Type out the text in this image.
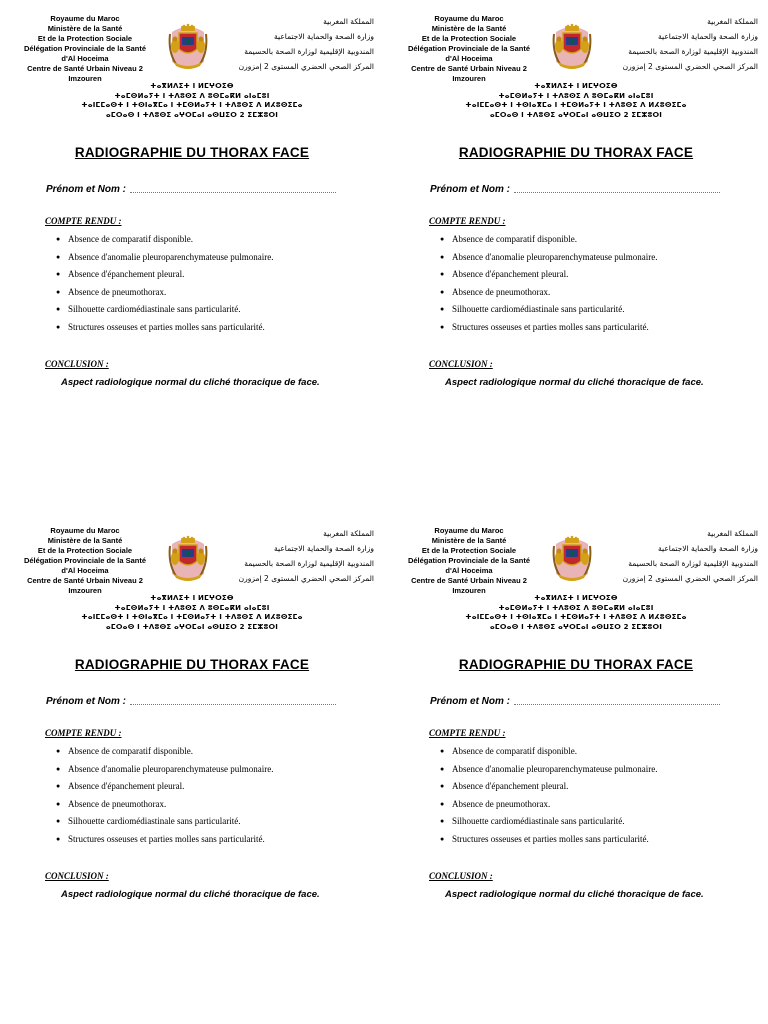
Royaume du Maroc
Ministère de la Santé
Et de la Protection Sociale
Délégation Provinciale de la Santé
d'Al Hoceima
Centre de Santé Urbain Niveau 2
Imzouren
المملكة المغربية
وزارة الصحة والحماية الاجتماعية
المندوبية الإقليمية لوزارة الصحة بالحسيمة
المركز الصحي الحضري المستوى 2 إمزورن
ⵜⴰⴳⵍⴷⵉⵜ ⵏ ⵍⵎⵖⵔⵉⴱ
ⵜⴰⵎⵙⵍⴰⵢⵜ ⵏ ⵜⴷⵓⵙⵉ ⴷ ⵓⵙⵎⴰⴽⵍ ⴰⵏⴰⵎⵓⵏ
ⵜⴰⵏⵎⵎⴰⵙⵜ ⵏ ⵜⵙⵏⴰⴳⵎⴰ ⵏ ⵜⵎⵙⵍⴰⵢⵜ ⵏ ⵜⴷⵓⵙⵉ ⴷ ⵍⵃⵓⵙⵉⵎⴰ
ⴰⵎⵔⴰⵙ ⵏ ⵜⴷⵓⵙⵉ ⴰⵖⵔⵎⴰⵏ ⴰⵙⵡⵉⵔ 2 ⵉⵎⵣⵓⵔⵏ
RADIOGRAPHIE DU THORAX FACE
Prénom et Nom :
COMPTE RENDU :
● Absence de comparatif disponible.
● Absence d'anomalie pleuroparenchymateuse pulmonaire.
● Absence d'épanchement pleural.
● Absence de pneumothorax.
● Silhouette cardiomédiastinale sans particularité.
● Structures osseuses et parties molles sans particularité.
CONCLUSION :
Aspect radiologique normal du cliché thoracique de face.
Royaume du Maroc
Ministère de la Santé
Et de la Protection Sociale
Délégation Provinciale de la Santé
d'Al Hoceima
Centre de Santé Urbain Niveau 2
Imzouren
المملكة المغربية
وزارة الصحة والحماية الاجتماعية
المندوبية الإقليمية لوزارة الصحة بالحسيمة
المركز الصحي الحضري المستوى 2 إمزورن
ⵜⴰⴳⵍⴷⵉⵜ ⵏ ⵍⵎⵖⵔⵉⴱ
ⵜⴰⵎⵙⵍⴰⵢⵜ ⵏ ⵜⴷⵓⵙⵉ ⴷ ⵓⵙⵎⴰⴽⵍ ⴰⵏⴰⵎⵓⵏ
ⵜⴰⵏⵎⵎⴰⵙⵜ ⵏ ⵜⵙⵏⴰⴳⵎⴰ ⵏ ⵜⵎⵙⵍⴰⵢⵜ ⵏ ⵜⴷⵓⵙⵉ ⴷ ⵍⵃⵓⵙⵉⵎⴰ
ⴰⵎⵔⴰⵙ ⵏ ⵜⴷⵓⵙⵉ ⴰⵖⵔⵎⴰⵏ ⴰⵙⵡⵉⵔ 2 ⵉⵎⵣⵓⵔⵏ
RADIOGRAPHIE DU THORAX FACE
Prénom et Nom :
COMPTE RENDU :
● Absence de comparatif disponible.
● Absence d'anomalie pleuroparenchymateuse pulmonaire.
● Absence d'épanchement pleural.
● Absence de pneumothorax.
● Silhouette cardiomédiastinale sans particularité.
● Structures osseuses et parties molles sans particularité.
CONCLUSION :
Aspect radiologique normal du cliché thoracique de face.
Royaume du Maroc
Ministère de la Santé
Et de la Protection Sociale
Délégation Provinciale de la Santé
d'Al Hoceima
Centre de Santé Urbain Niveau 2
Imzouren
المملكة المغربية
وزارة الصحة والحماية الاجتماعية
المندوبية الإقليمية لوزارة الصحة بالحسيمة
المركز الصحي الحضري المستوى 2 إمزورن
ⵜⴰⴳⵍⴷⵉⵜ ⵏ ⵍⵎⵖⵔⵉⴱ
ⵜⴰⵎⵙⵍⴰⵢⵜ ⵏ ⵜⴷⵓⵙⵉ ⴷ ⵓⵙⵎⴰⴽⵍ ⴰⵏⴰⵎⵓⵏ
ⵜⴰⵏⵎⵎⴰⵙⵜ ⵏ ⵜⵙⵏⴰⴳⵎⴰ ⵏ ⵜⵎⵙⵍⴰⵢⵜ ⵏ ⵜⴷⵓⵙⵉ ⴷ ⵍⵃⵓⵙⵉⵎⴰ
ⴰⵎⵔⴰⵙ ⵏ ⵜⴷⵓⵙⵉ ⴰⵖⵔⵎⴰⵏ ⴰⵙⵡⵉⵔ 2 ⵉⵎⵣⵓⵔⵏ
RADIOGRAPHIE DU THORAX FACE
Prénom et Nom :
COMPTE RENDU :
● Absence de comparatif disponible.
● Absence d'anomalie pleuroparenchymateuse pulmonaire.
● Absence d'épanchement pleural.
● Absence de pneumothorax.
● Silhouette cardiomédiastinale sans particularité.
● Structures osseuses et parties molles sans particularité.
CONCLUSION :
Aspect radiologique normal du cliché thoracique de face.
Royaume du Maroc
Ministère de la Santé
Et de la Protection Sociale
Délégation Provinciale de la Santé
d'Al Hoceima
Centre de Santé Urbain Niveau 2
Imzouren
المملكة المغربية
وزارة الصحة والحماية الاجتماعية
المندوبية الإقليمية لوزارة الصحة بالحسيمة
المركز الصحي الحضري المستوى 2 إمزورن
ⵜⴰⴳⵍⴷⵉⵜ ⵏ ⵍⵎⵖⵔⵉⴱ
ⵜⴰⵎⵙⵍⴰⵢⵜ ⵏ ⵜⴷⵓⵙⵉ ⴷ ⵓⵙⵎⴰⴽⵍ ⴰⵏⴰⵎⵓⵏ
ⵜⴰⵏⵎⵎⴰⵙⵜ ⵏ ⵜⵙⵏⴰⴳⵎⴰ ⵏ ⵜⵎⵙⵍⴰⵢⵜ ⵏ ⵜⴷⵓⵙⵉ ⴷ ⵍⵃⵓⵙⵉⵎⴰ
ⴰⵎⵔⴰⵙ ⵏ ⵜⴷⵓⵙⵉ ⴰⵖⵔⵎⴰⵏ ⴰⵙⵡⵉⵔ 2 ⵉⵎⵣⵓⵔⵏ
RADIOGRAPHIE DU THORAX FACE
Prénom et Nom :
COMPTE RENDU :
● Absence de comparatif disponible.
● Absence d'anomalie pleuroparenchymateuse pulmonaire.
● Absence d'épanchement pleural.
● Absence de pneumothorax.
● Silhouette cardiomédiastinale sans particularité.
● Structures osseuses et parties molles sans particularité.
CONCLUSION :
Aspect radiologique normal du cliché thoracique de face.
